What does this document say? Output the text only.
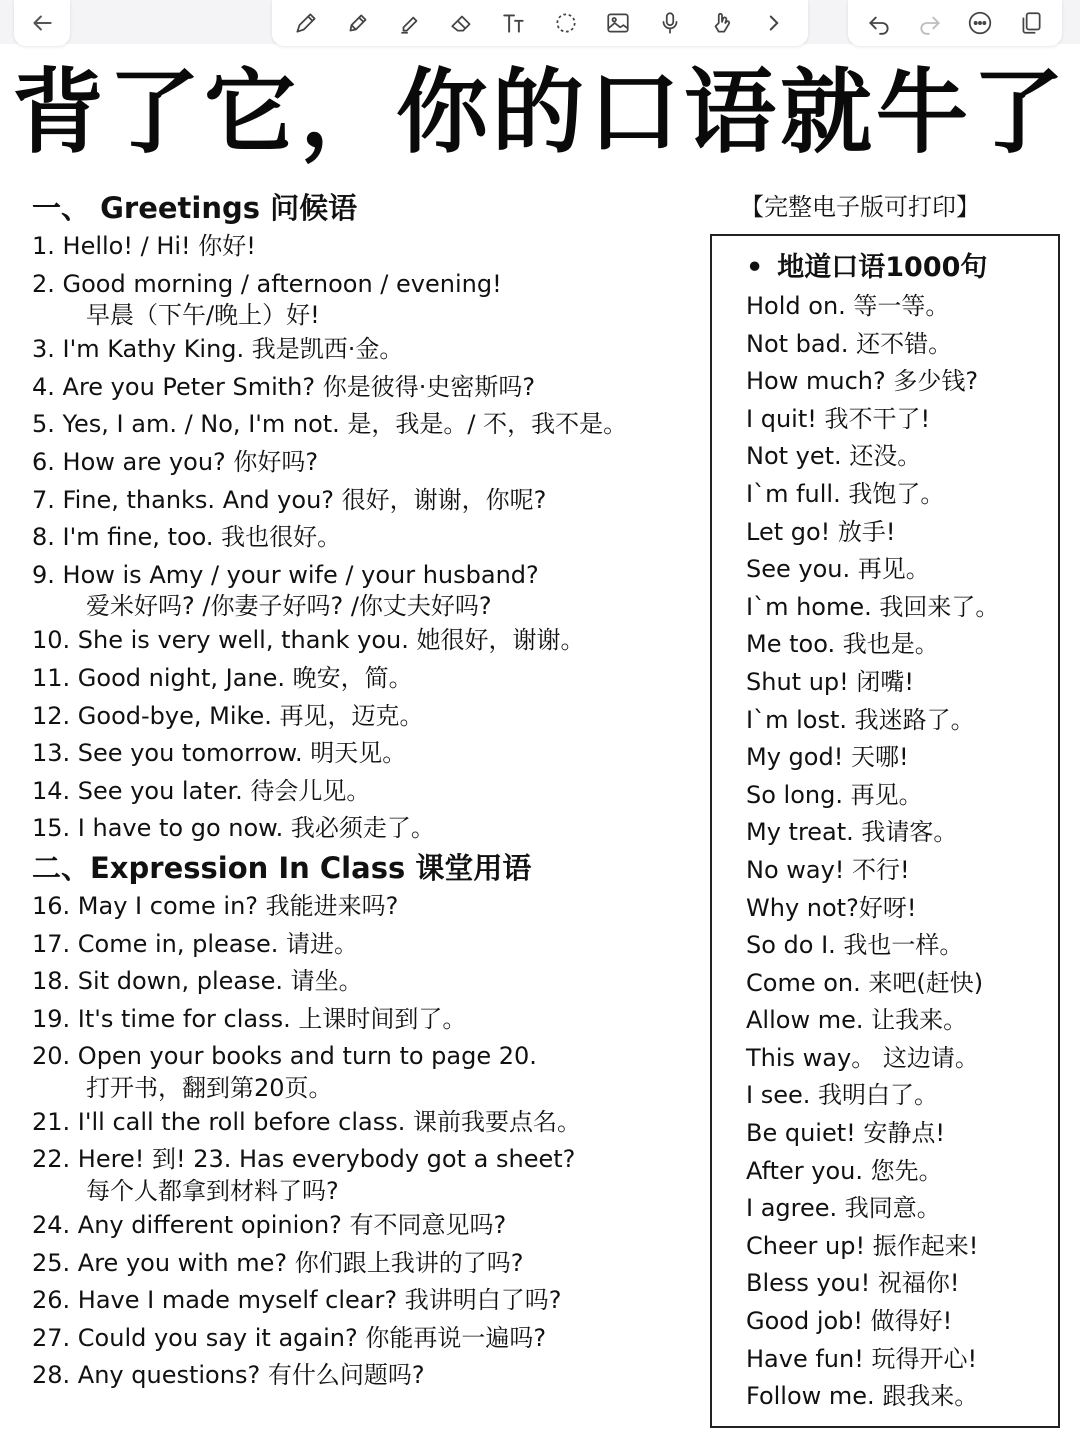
背了它，你的口语就牛了
一、 Greetings 问候语
1. Hello! / Hi! 你好!
2. Good morning / afternoon / evening!
早晨（下午/晚上）好!
3. I'm Kathy King. 我是凯西·金。
4. Are you Peter Smith? 你是彼得·史密斯吗?
5. Yes, I am. / No, I'm not. 是，我是。/ 不，我不是。
6. How are you? 你好吗?
7. Fine, thanks. And you? 很好，谢谢，你呢?
8. I'm fine, too. 我也很好。
9. How is Amy / your wife / your husband?
爱米好吗? /你妻子好吗? /你丈夫好吗?
10. She is very well, thank you. 她很好，谢谢。
11. Good night, Jane. 晚安，简。
12. Good-bye, Mike. 再见，迈克。
13. See you tomorrow. 明天见。
14. See you later. 待会儿见。
15. I have to go now. 我必须走了。
二、Expression In Class 课堂用语
16. May I come in? 我能进来吗?
17. Come in, please. 请进。
18. Sit down, please. 请坐。
19. It's time for class. 上课时间到了。
20. Open your books and turn to page 20.
打开书，翻到第20页。
21. I'll call the roll before class. 课前我要点名。
22. Here! 到! 23. Has everybody got a sheet?
每个人都拿到材料了吗?
24. Any different opinion? 有不同意见吗?
25. Are you with me? 你们跟上我讲的了吗?
26. Have I made myself clear? 我讲明白了吗?
27. Could you say it again? 你能再说一遍吗?
28. Any questions? 有什么问题吗?
【完整电子版可打印】
• 地道口语1000句
Hold on. 等一等。
Not bad. 还不错。
How much? 多少钱?
I quit! 我不干了!
Not yet. 还没。
I`m full. 我饱了。
Let go! 放手!
See you. 再见。
I`m home. 我回来了。
Me too. 我也是。
Shut up! 闭嘴!
I`m lost. 我迷路了。
My god! 天哪!
So long. 再见。
My treat. 我请客。
No way! 不行!
Why not?好呀!
So do I. 我也一样。
Come on. 来吧(赶快)
Allow me. 让我来。
This way。 这边请。
I see. 我明白了。
Be quiet! 安静点!
After you. 您先。
I agree. 我同意。
Cheer up! 振作起来!
Bless you! 祝福你!
Good job! 做得好!
Have fun! 玩得开心!
Follow me. 跟我来。
